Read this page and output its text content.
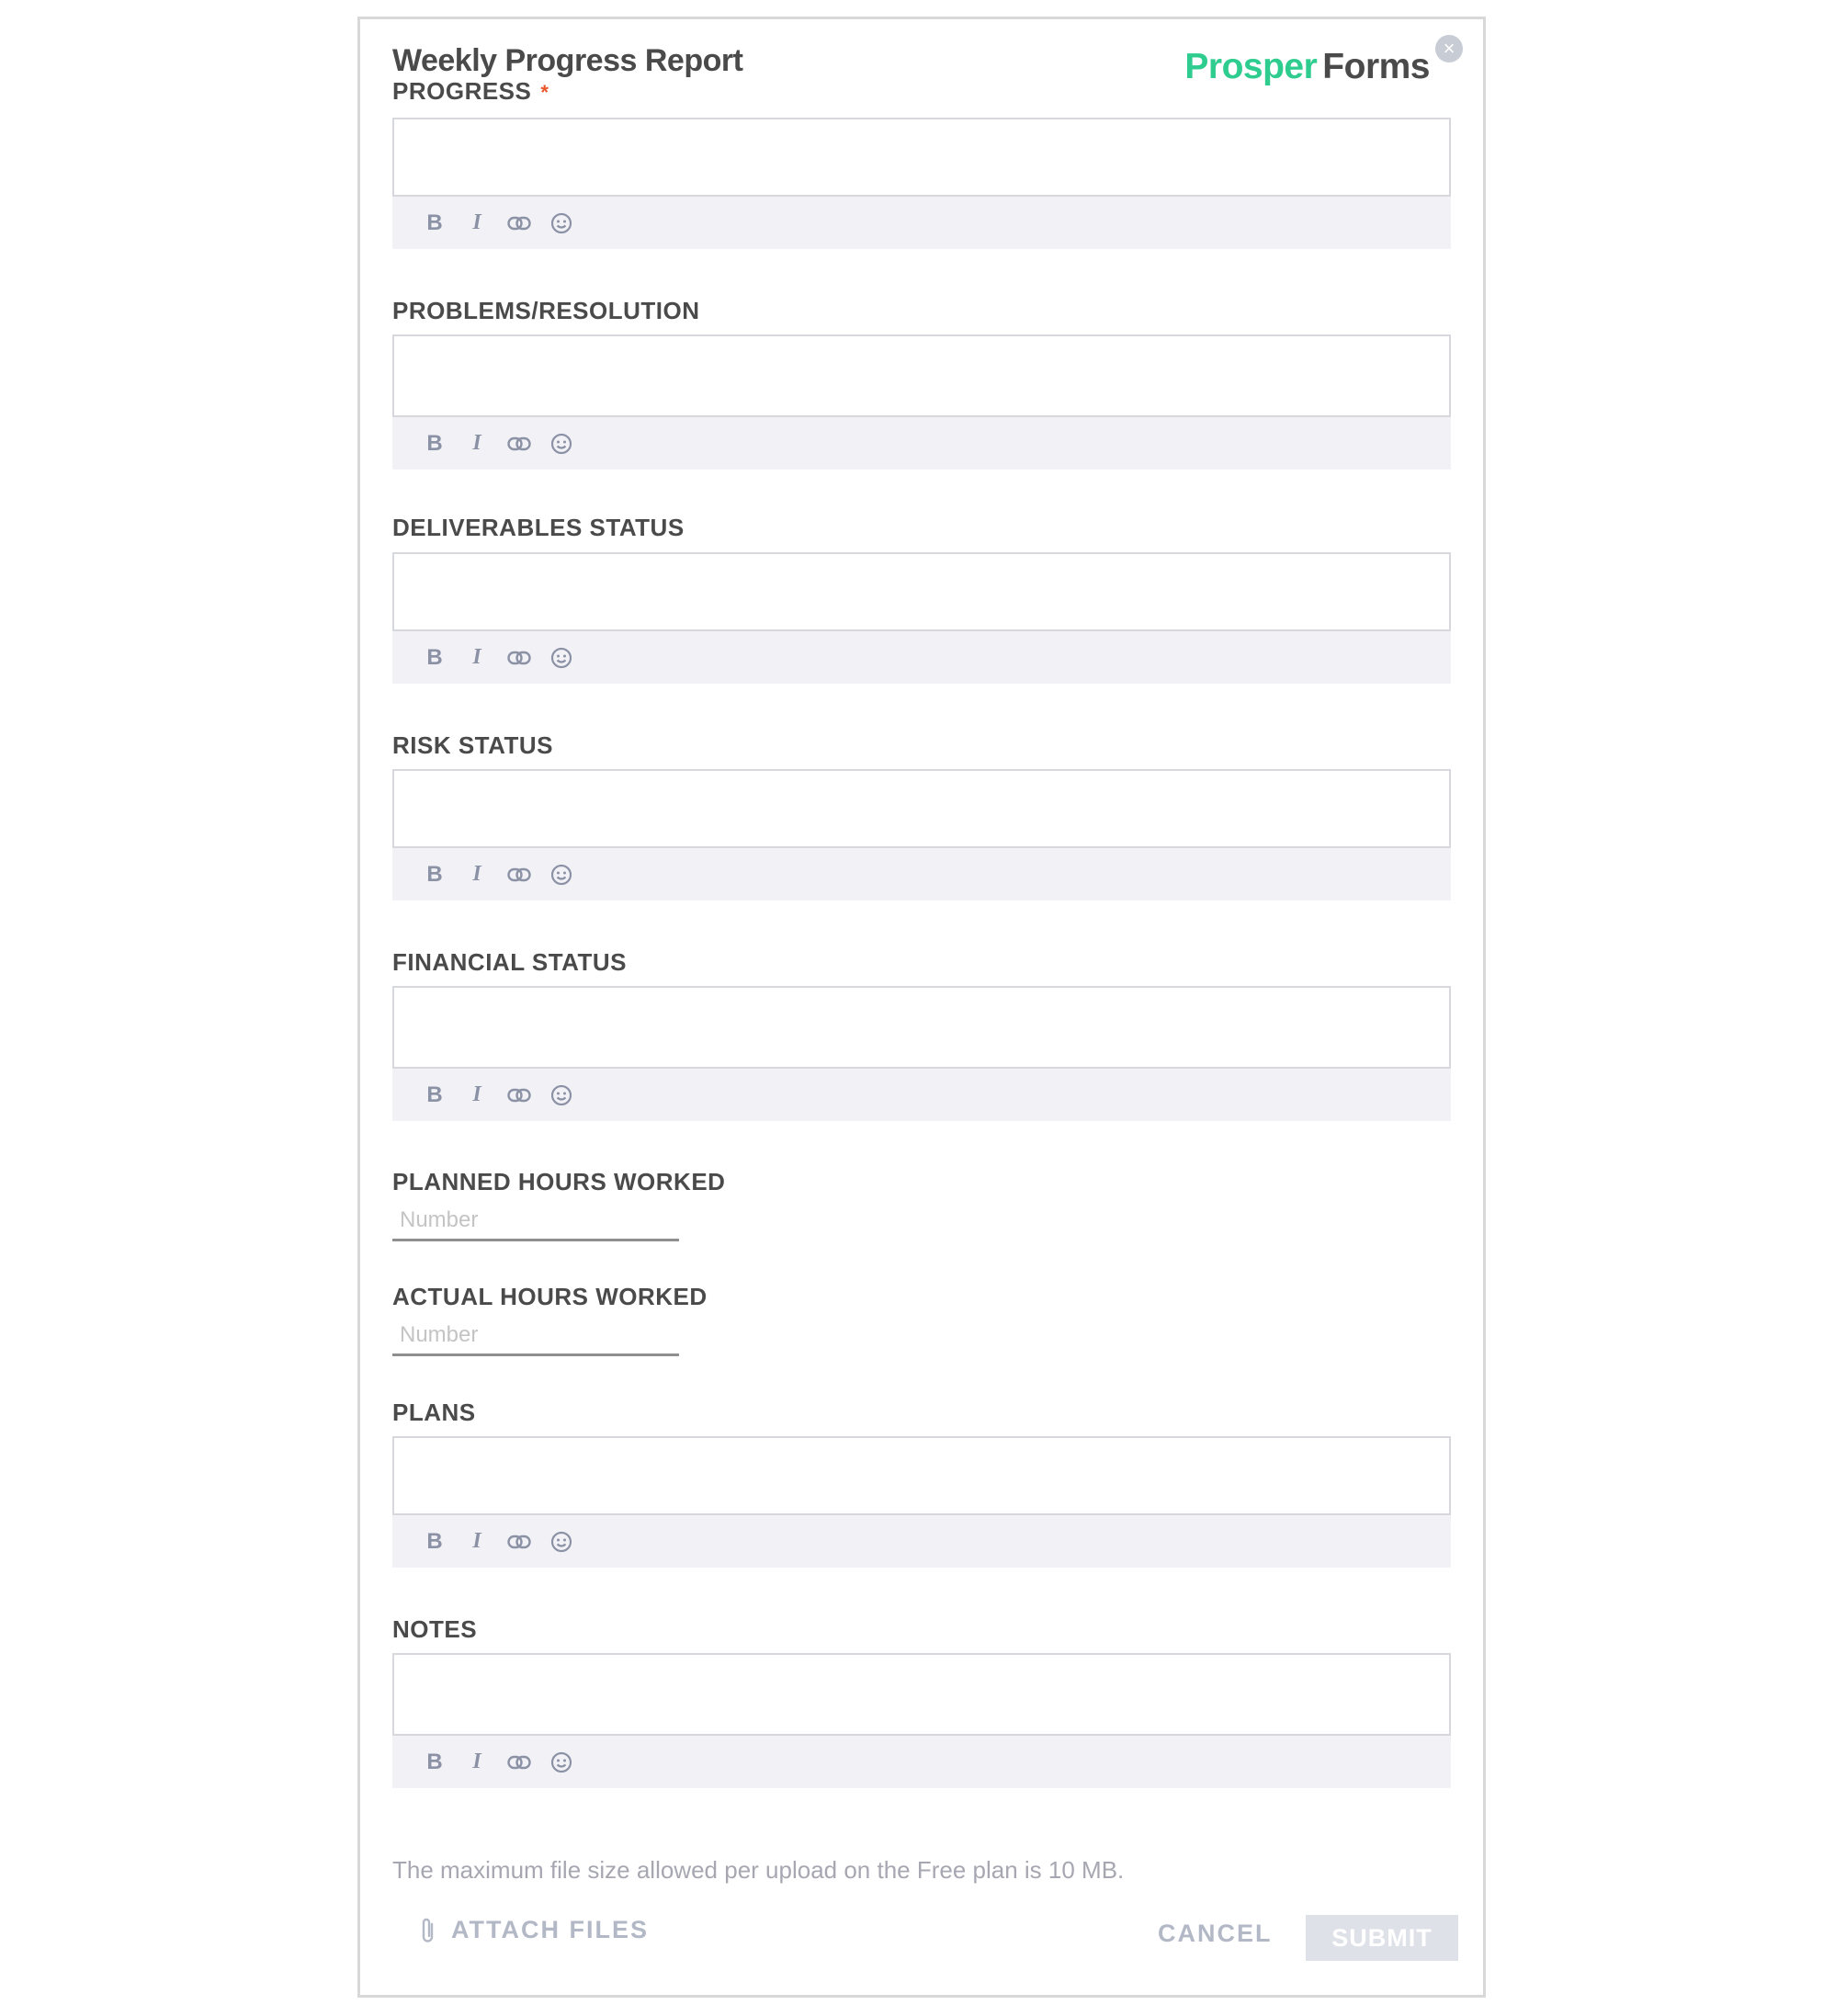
Weekly Progress Report	Prosper Forms ×
PROGRESS *
B	I
PROBLEMS/RESOLUTION
B	I
DELIVERABLES STATUS
B	I
RISK STATUS
B	I
FINANCIAL STATUS
B	I
PLANNED HOURS WORKED
Number
ACTUAL HOURS WORKED
Number
PLANS
B	I
NOTES
B	I
The maximum file size allowed per upload on the Free plan is 10 MB.
ATTACH FILES	CANCEL	SUBMIT
